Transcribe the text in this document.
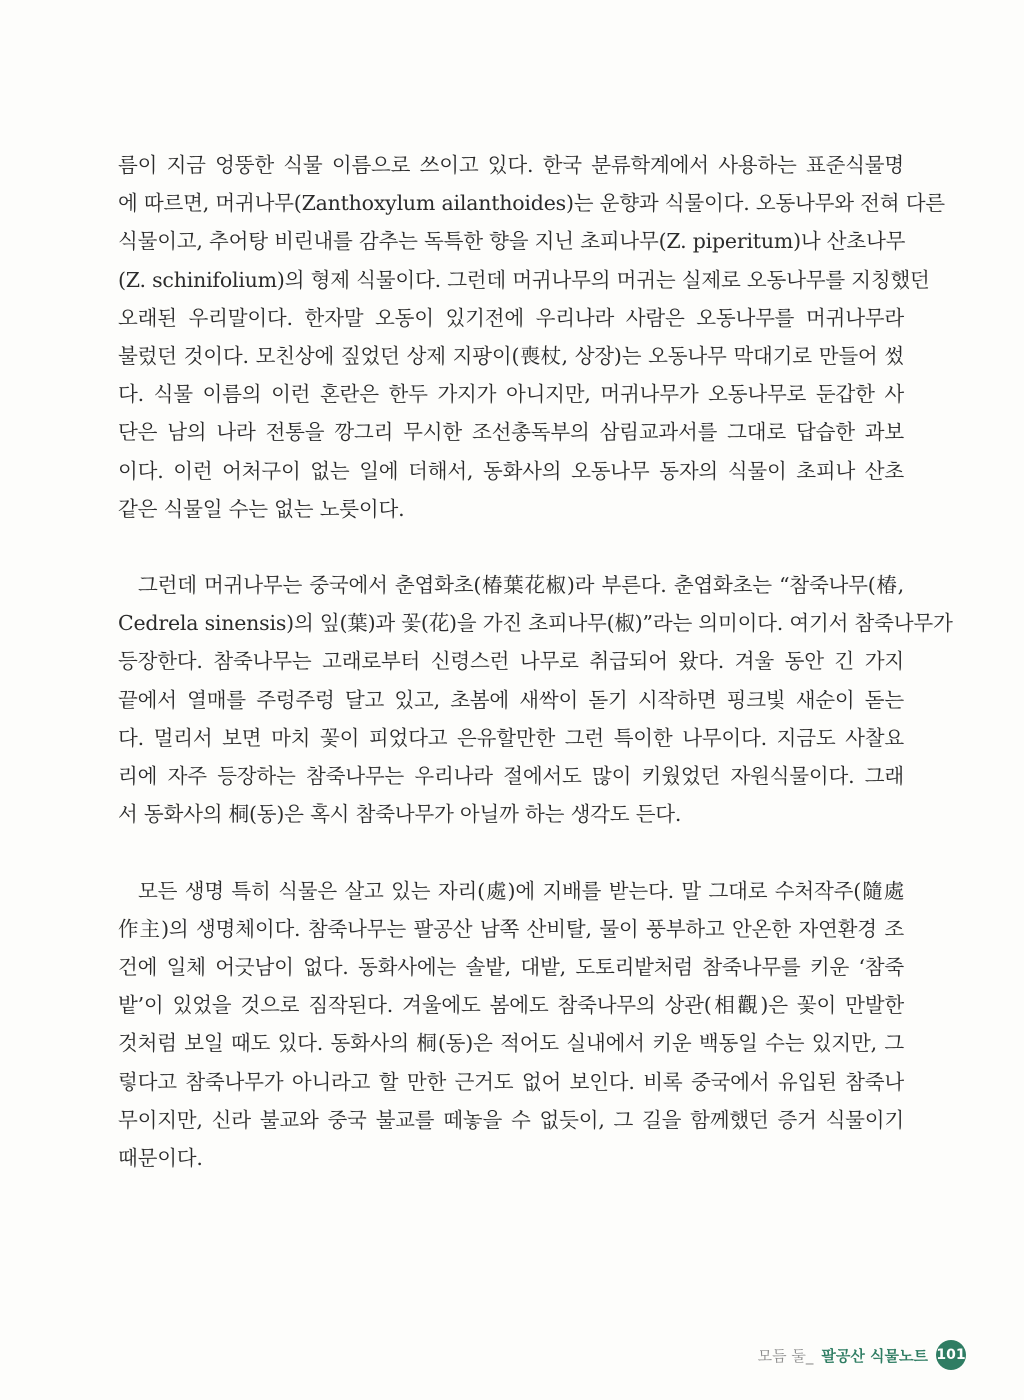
름이 지금 엉뚱한 식물 이름으로 쓰이고 있다. 한국 분류학계에서 사용하는 표준식물명
에 따르면, 머귀나무(Zanthoxylum ailanthoides)는 운향과 식물이다. 오동나무와 전혀 다른
식물이고, 추어탕 비린내를 감추는 독특한 향을 지닌 초피나무(Z. piperitum)나 산초나무
(Z. schinifolium)의 형제 식물이다. 그런데 머귀나무의 머귀는 실제로 오동나무를 지칭했던
오래된 우리말이다. 한자말 오동이 있기전에 우리나라 사람은 오동나무를 머귀나무라
불렀던 것이다. 모친상에 짚었던 상제 지팡이(喪杖, 상장)는 오동나무 막대기로 만들어 썼
다. 식물 이름의 이런 혼란은 한두 가지가 아니지만, 머귀나무가 오동나무로 둔갑한 사
단은 남의 나라 전통을 깡그리 무시한 조선총독부의 삼림교과서를 그대로 답습한 과보
이다. 이런 어처구이 없는 일에 더해서, 동화사의 오동나무 동자의 식물이 초피나 산초
같은 식물일 수는 없는 노릇이다.
그런데 머귀나무는 중국에서 춘엽화초(椿葉花椒)라 부른다. 춘엽화초는 “참죽나무(椿,
Cedrela sinensis)의 잎(葉)과 꽃(花)을 가진 초피나무(椒)”라는 의미이다. 여기서 참죽나무가
등장한다. 참죽나무는 고래로부터 신령스런 나무로 취급되어 왔다. 겨울 동안 긴 가지
끝에서 열매를 주렁주렁 달고 있고, 초봄에 새싹이 돋기 시작하면 핑크빛 새순이 돋는
다. 멀리서 보면 마치 꽃이 피었다고 은유할만한 그런 특이한 나무이다. 지금도 사찰요
리에 자주 등장하는 참죽나무는 우리나라 절에서도 많이 키웠었던 자원식물이다. 그래
서 동화사의 桐(동)은 혹시 참죽나무가 아닐까 하는 생각도 든다.
모든 생명 특히 식물은 살고 있는 자리(處)에 지배를 받는다. 말 그대로 수처작주(隨處
作主)의 생명체이다. 참죽나무는 팔공산 남쪽 산비탈, 물이 풍부하고 안온한 자연환경 조
건에 일체 어긋남이 없다. 동화사에는 솔밭, 대밭, 도토리밭처럼 참죽나무를 키운 ‘참죽
밭’이 있었을 것으로 짐작된다. 겨울에도 봄에도 참죽나무의 상관(相觀)은 꽃이 만발한
것처럼 보일 때도 있다. 동화사의 桐(동)은 적어도 실내에서 키운 백동일 수는 있지만, 그
렇다고 참죽나무가 아니라고 할 만한 근거도 없어 보인다. 비록 중국에서 유입된 참죽나
무이지만, 신라 불교와 중국 불교를 떼놓을 수 없듯이, 그 길을 함께했던 증거 식물이기
때문이다.
모듬 둘_ 팔공산 식물노트 101
